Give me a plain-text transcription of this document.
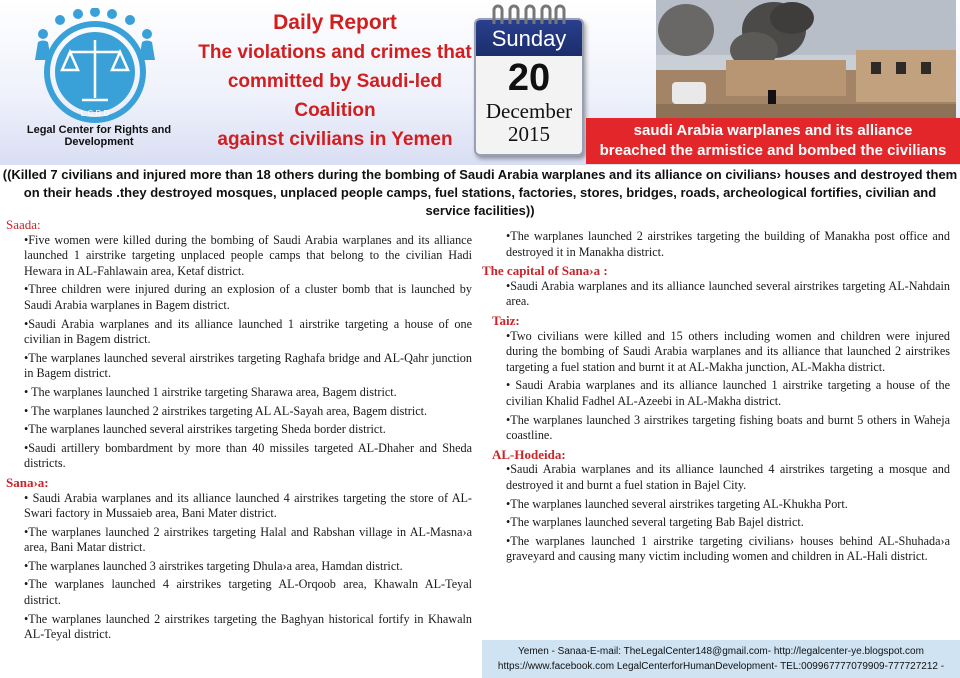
L.C.R.D
Legal Center for Rights and Development
Daily Report
The violations and crimes that
committed by Saudi-led Coalition
against civilians in Yemen
Sunday
20
December
2015	saudi Arabia warplanes and its alliance
breached the armistice and bombed the civilians
((Killed 7 civilians and injured more than 18 others during the bombing of Saudi Arabia warplanes and its alliance on civilians› houses and destroyed them on their heads .they destroyed mosques, unplaced people camps, fuel stations, factories, stores, bridges, roads, archeological fortifies, civilian and service facilities))
Saada:
•Five women were killed during the bombing of Saudi Arabia warplanes and its alliance launched 1 airstrike targeting unplaced people camps that belong to the civilian Hadi Hewara in AL-Fahlawain area, Ketaf district.
•Three children were injured during an explosion of a cluster bomb that is launched by Saudi Arabia warplanes in Bagem district.
•Saudi Arabia warplanes and its alliance launched 1 airstrike targeting a house of one civilian in Bagem district.
•The warplanes launched several airstrikes targeting Raghafa bridge and AL-Qahr junction in Bagem district.
• The warplanes launched 1 airstrike targeting Sharawa area, Bagem district.
• The warplanes launched 2 airstrikes targeting AL AL-Sayah area, Bagem district.
•The warplanes launched several airstrikes targeting Sheda border district.
•Saudi artillery bombardment by more than 40 missiles targeted AL-Dhaher and Sheda districts.
Sana›a:
• Saudi Arabia warplanes and its alliance launched 4 airstrikes targeting the store of AL-Swari factory in Mussaieb area, Bani Mater district.
•The warplanes launched 2 airstrikes targeting Halal and Rabshan village in AL-Masna›a area, Bani Matar district.
•The warplanes launched 3 airstrikes targeting Dhula›a area, Hamdan district.
•The warplanes launched 4 airstrikes targeting AL-Orqoob area, Khawaln AL-Teyal district.
•The warplanes launched 2 airstrikes targeting the Baghyan historical fortify in Khawaln AL-Teyal district.
•The warplanes launched 2 airstrikes targeting the building of Manakha post office and destroyed it in Manakha district.
The capital of Sana›a :
•Saudi Arabia warplanes and its alliance launched several airstrikes targeting AL-Nahdain area.
Taiz:
•Two civilians were killed and 15 others including women and children were injured during the bombing of Saudi Arabia warplanes and its alliance that launched 2 airstrikes targeting a fuel station and burnt it at AL-Makha junction, AL-Makha district.
• Saudi Arabia warplanes and its alliance launched 1 airstrike targeting a house of the civilian Khalid Fadhel AL-Azeebi in AL-Makha district.
•The warplanes launched 3 airstrikes targeting fishing boats and burnt 5 others in Waheja coastline.
AL-Hodeida:
•Saudi Arabia warplanes and its alliance launched 4 airstrikes targeting a mosque and destroyed it and burnt a fuel station in Bajel City.
•The warplanes launched several airstrikes targeting AL-Khukha Port.
•The warplanes launched several targeting Bab Bajel district.
•The warplanes launched 1 airstrike targeting civilians› houses behind AL-Shuhada›a graveyard and causing many victim including women and children in AL-Hali district.
Yemen - Sanaa-E-mail: TheLegalCenter148@gmail.com- http://legalcenter-ye.blogspot.com
https://www.facebook.com LegalCenterforHumanDevelopment- TEL:009967777079909-777727212 -
